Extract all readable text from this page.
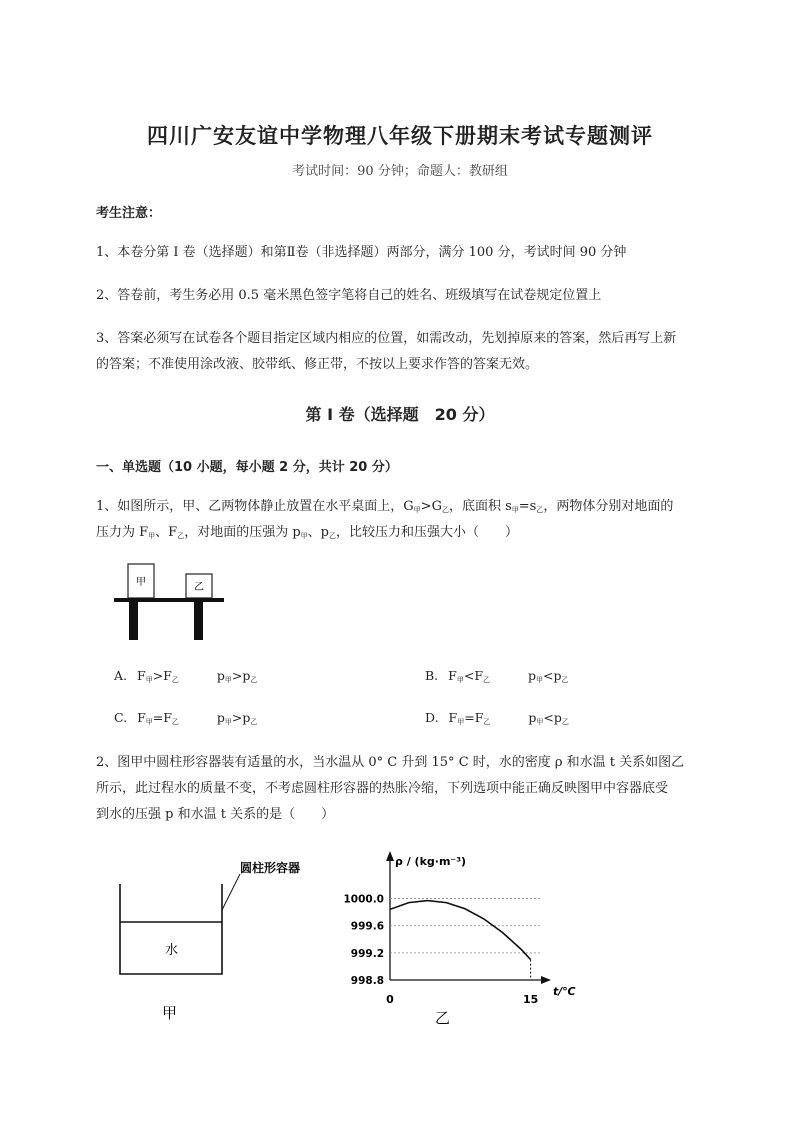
四川广安友谊中学物理八年级下册期末考试专题测评
考试时间：90 分钟；命题人：教研组
考生注意：
1、本卷分第 I 卷（选择题）和第Ⅱ卷（非选择题）两部分，满分 100 分，考试时间 90 分钟
2、答卷前，考生务必用 0.5 毫米黑色签字笔将自己的姓名、班级填写在试卷规定位置上
3、答案必须写在试卷各个题目指定区域内相应的位置，如需改动，先划掉原来的答案，然后再写上新
的答案；不准使用涂改液、胶带纸、修正带，不按以上要求作答的答案无效。
第 I 卷（选择题　20 分）
一、单选题（10 小题，每小题 2 分，共计 20 分）
1、如图所示，甲、乙两物体静止放置在水平桌面上，$G_甲>G_乙$，底面积 $s_甲=s_乙$，两物体分别对地面的
压力为 $F_甲$、$F_乙$，对地面的压强为 $p_甲$、$p_乙$，比较压力和压强大小（　　）
甲	乙
A. $F_甲>F_乙$	$p_甲>p_乙$	B. $F_甲<F_乙$	$p_甲<p_乙$
C. $F_甲=F_乙$	$p_甲>p_乙$	D. $F_甲=F_乙$	$p_甲<p_乙$
2、图甲中圆柱形容器装有适量的水，当水温从 0° C 升到 15° C 时，水的密度 ρ 和水温 t 关系如图乙
所示，此过程水的质量不变，不考虑圆柱形容器的热胀冷缩，下列选项中能正确反映图甲中容器底受
到水的压强 p 和水温 t 关系的是（　　）
圆柱形容器
水
甲
ρ / (kg·m⁻³)
t/℃
1000.0
999.6
999.2
998.8
0	15
乙
